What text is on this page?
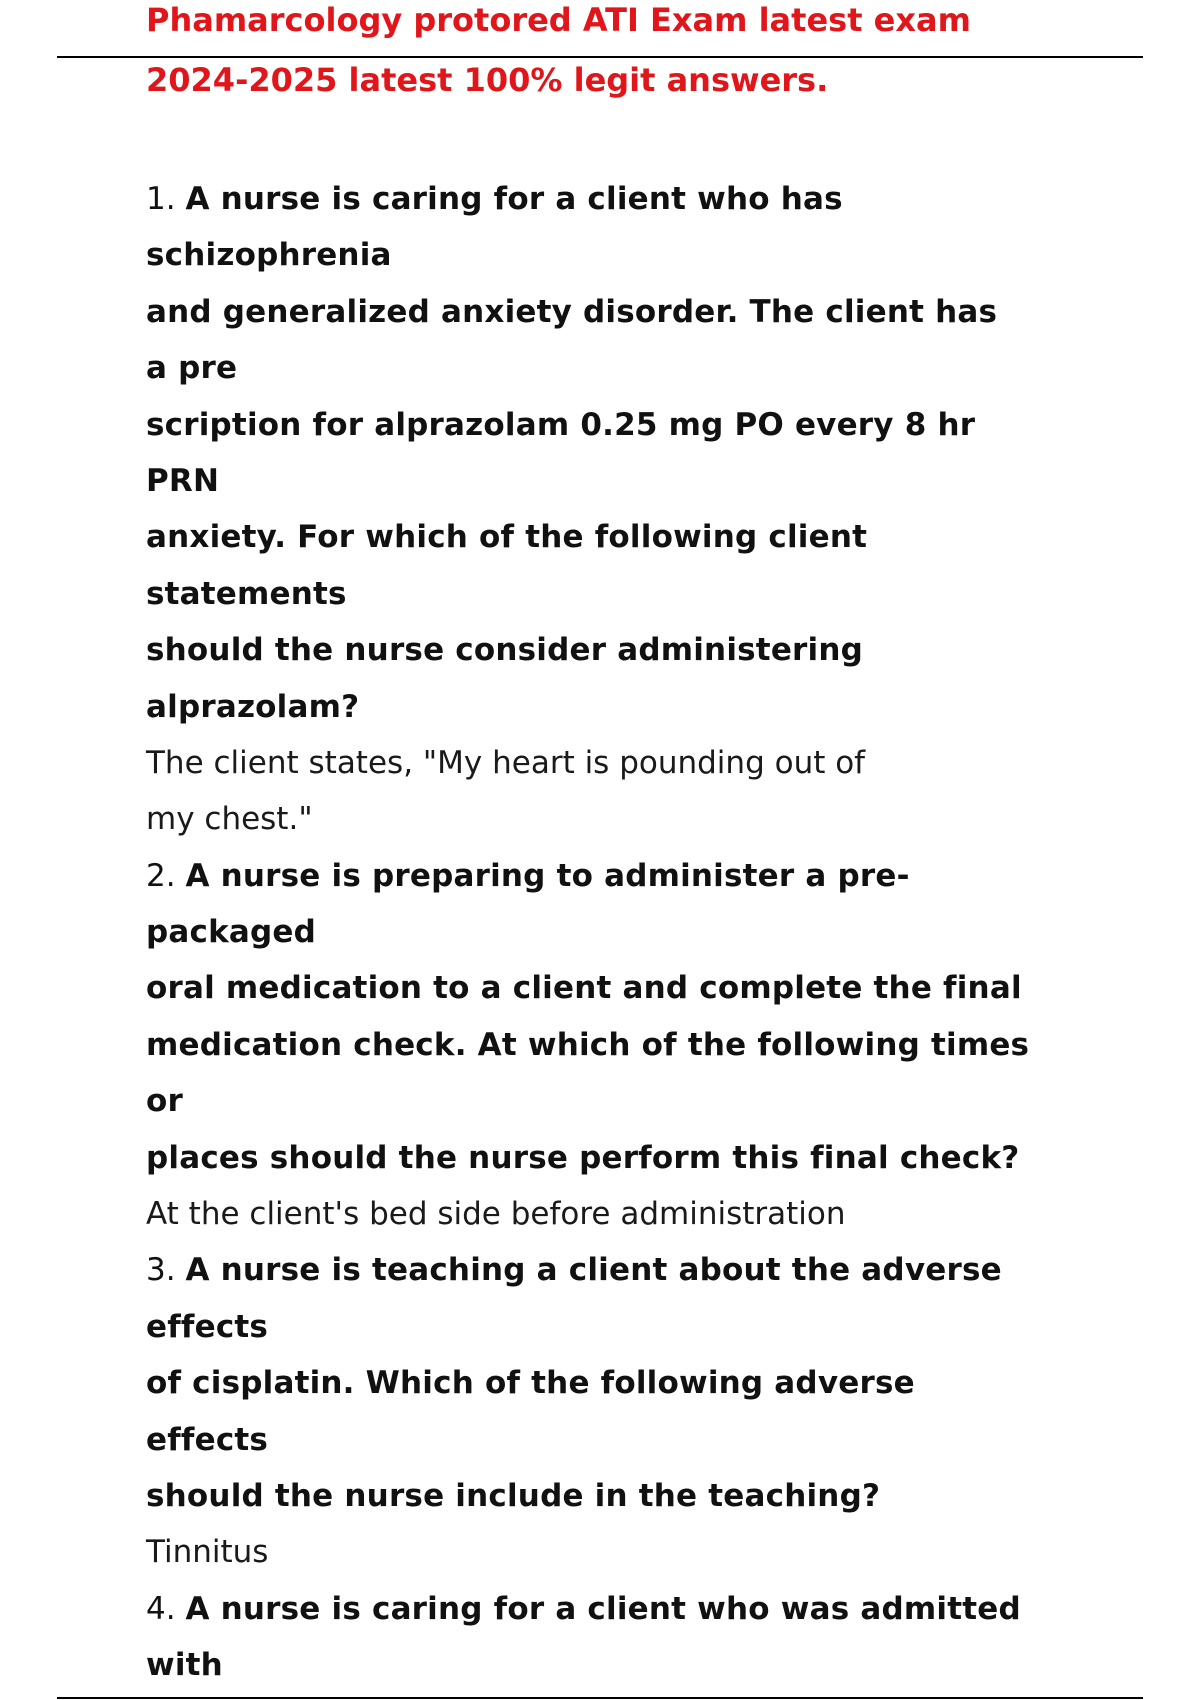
Phamarcology protored ATI Exam latest exam
2024-2025 latest 100% legit answers.
1. A nurse is caring for a client who has
schizophrenia
and generalized anxiety disorder. The client has
a pre
scription for alprazolam 0.25 mg PO every 8 hr
PRN
anxiety. For which of the following client
statements
should the nurse consider administering
alprazolam?
The client states, "My heart is pounding out of
my chest."
2. A nurse is preparing to administer a pre-
packaged
oral medication to a client and complete the final
medication check. At which of the following times
or
places should the nurse perform this final check?
At the client's bed side before administration
3. A nurse is teaching a client about the adverse
effects
of cisplatin. Which of the following adverse
effects
should the nurse include in the teaching?
Tinnitus
4. A nurse is caring for a client who was admitted
with
